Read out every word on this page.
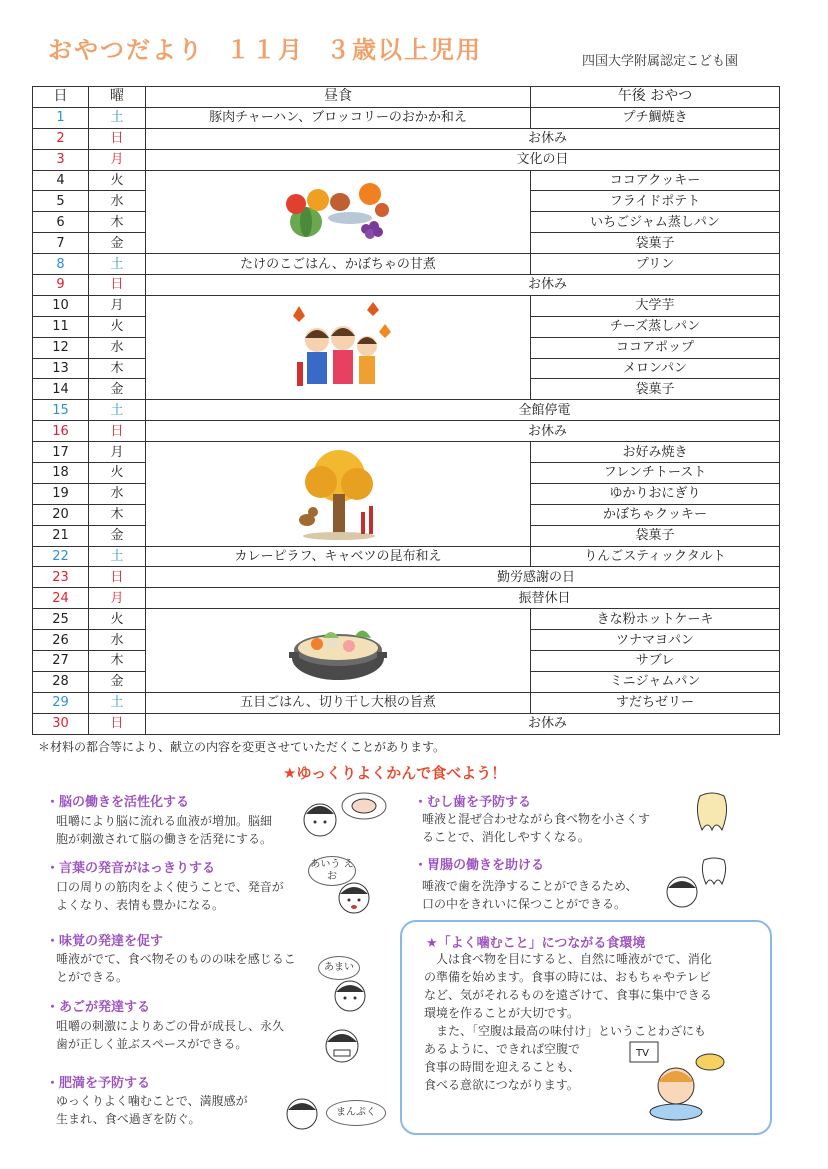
おやつだより １１月 ３歳以上児用	四国大学附属認定こども園
日	曜	昼食	午後 おやつ
1	土	豚肉チャーハン、ブロッコリーのおかか和え	プチ鯛焼き
2	日	お休み	
3	月	文化の日	
4	火		ココアクッキー
5	水		フライドポテト
6	木		いちごジャム蒸しパン
7	金		袋菓子
8	土	たけのこごはん、かぼちゃの甘煮	プリン
9	日	お休み	
10	月		大学芋
11	火		チーズ蒸しパン
12	水		ココアポップ
13	木		メロンパン
14	金		袋菓子
15	土	全館停電	
16	日	お休み	
17	月		お好み焼き
18	火		フレンチトースト
19	水		ゆかりおにぎり
20	木		かぼちゃクッキー
21	金		袋菓子
22	土	カレーピラフ、キャベツの昆布和え	りんごスティックタルト
23	日	勤労感謝の日	
24	月	振替休日	
25	火		きな粉ホットケーキ
26	水		ツナマヨパン
27	木		サブレ
28	金		ミニジャムパン
29	土	五目ごはん、切り干し大根の旨煮	すだちゼリー
30	日	お休み	
＊材料の都合等により、献立の内容を変更させていただくことがあります。
★ゆっくりよくかんで食べよう！
・脳の働きを活性化する
咀嚼により脳に流れる血液が増加。脳細
胞が刺激されて脳の働きを活発にする。
・言葉の発音がはっきりする
口の周りの筋肉をよく使うことで、発音が
よくなり、表情も豊かになる。
・味覚の発達を促す
唾液がでて、食べ物そのものの味を感じるこ
とができる。
・あごが発達する
咀嚼の刺激によりあごの骨が成長し、永久
歯が正しく並ぶスペースができる。
・肥満を予防する
ゆっくりよく噛むことで、満腹感が
生まれ、食べ過ぎを防ぐ。
・むし歯を予防する
唾液と混ぜ合わせながら食べ物を小さくす
ることで、消化しやすくなる。
・胃腸の働きを助ける
唾液で歯を洗浄することができるため、
口の中をきれいに保つことができる。
★「よく噛むこと」につながる食環境
人は食べ物を目にすると、自然に唾液がでて、消化
の準備を始めます。食事の時には、おもちゃやテレビ
など、気がそれるものを遠ざけて、食事に集中できる
環境を作ることが大切です。
また、「空腹は最高の味付け」ということわざにも
あるように、できれば空腹で
食事の時間を迎えることも、
食べる意欲につながります。
あいう えお
あまい
まんぷく
TV
